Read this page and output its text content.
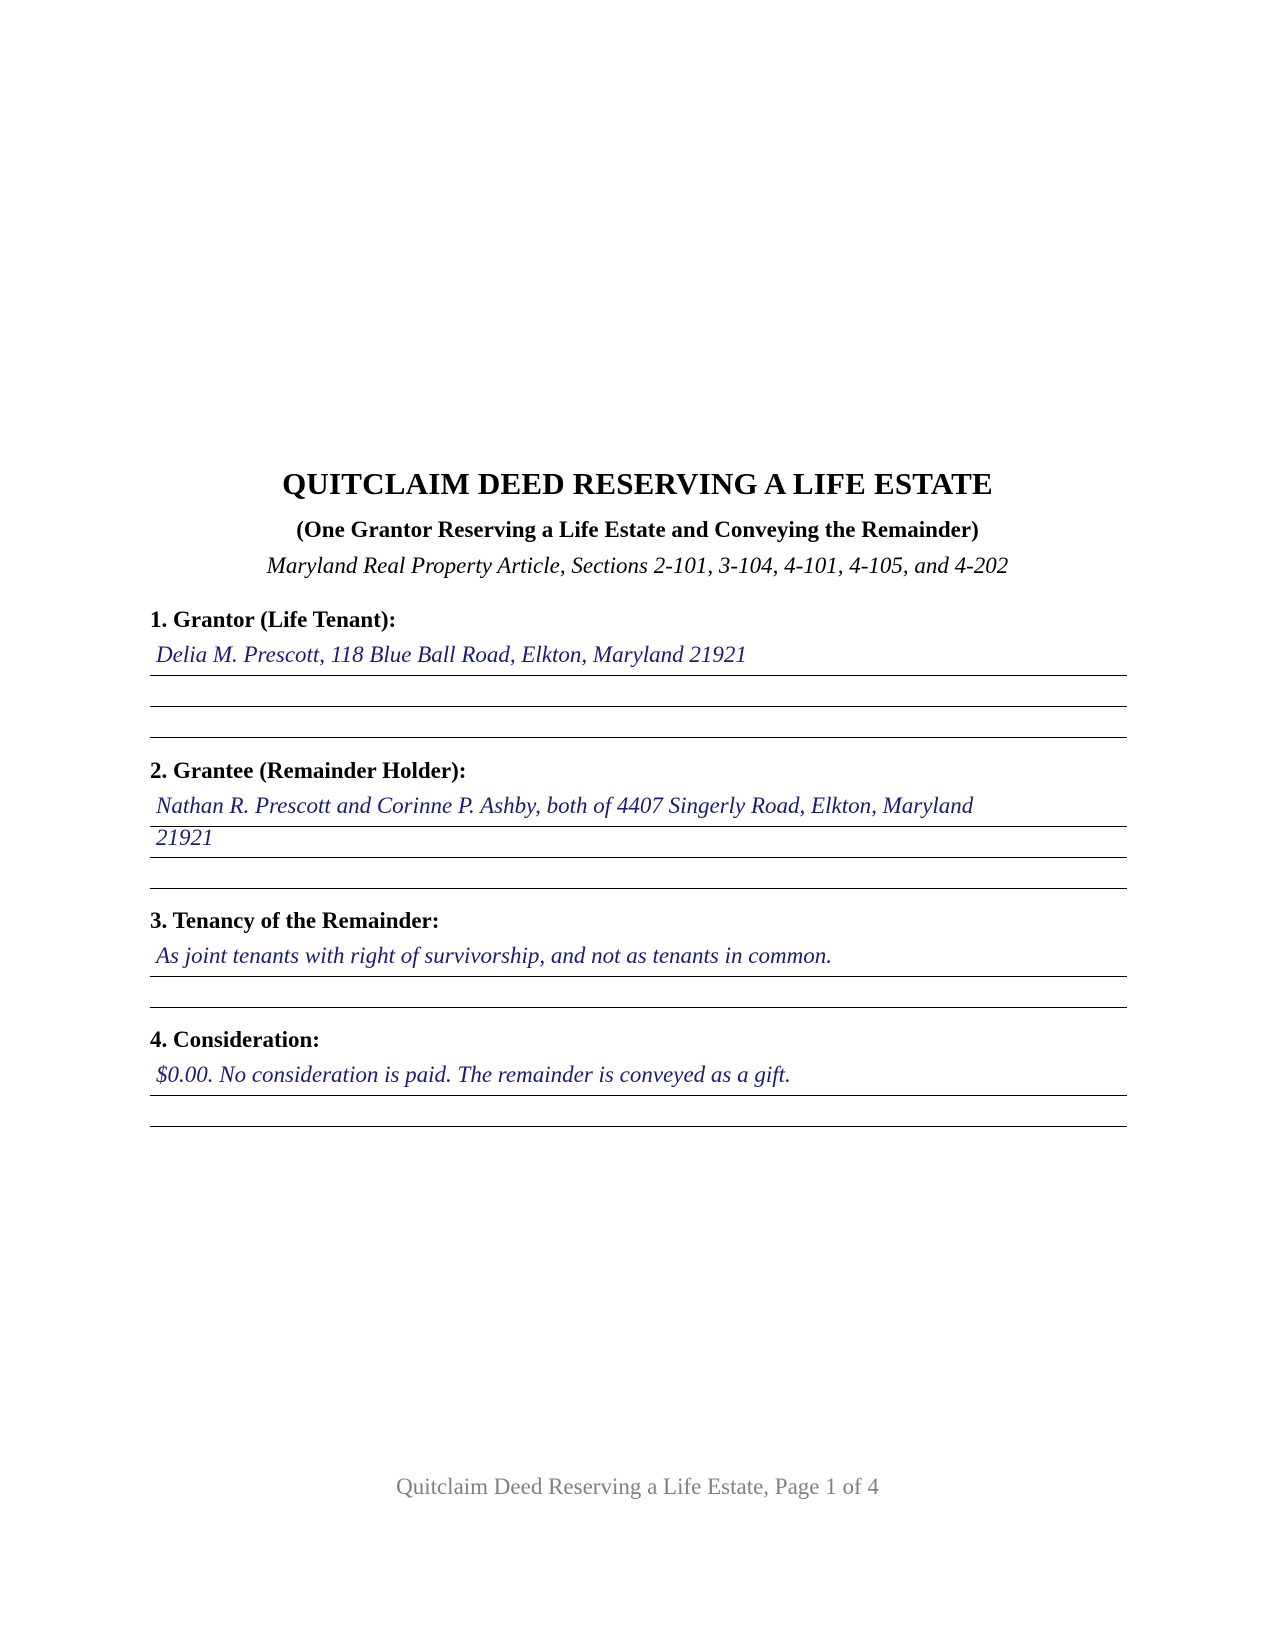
QUITCLAIM DEED RESERVING A LIFE ESTATE
(One Grantor Reserving a Life Estate and Conveying the Remainder)
Maryland Real Property Article, Sections 2-101, 3-104, 4-101, 4-105, and 4-202
1. Grantor (Life Tenant):
Delia M. Prescott, 118 Blue Ball Road, Elkton, Maryland 21921
2. Grantee (Remainder Holder):
Nathan R. Prescott and Corinne P. Ashby, both of 4407 Singerly Road, Elkton, Maryland
21921
3. Tenancy of the Remainder:
As joint tenants with right of survivorship, and not as tenants in common.
4. Consideration:
$0.00. No consideration is paid. The remainder is conveyed as a gift.
Quitclaim Deed Reserving a Life Estate, Page 1 of 4
